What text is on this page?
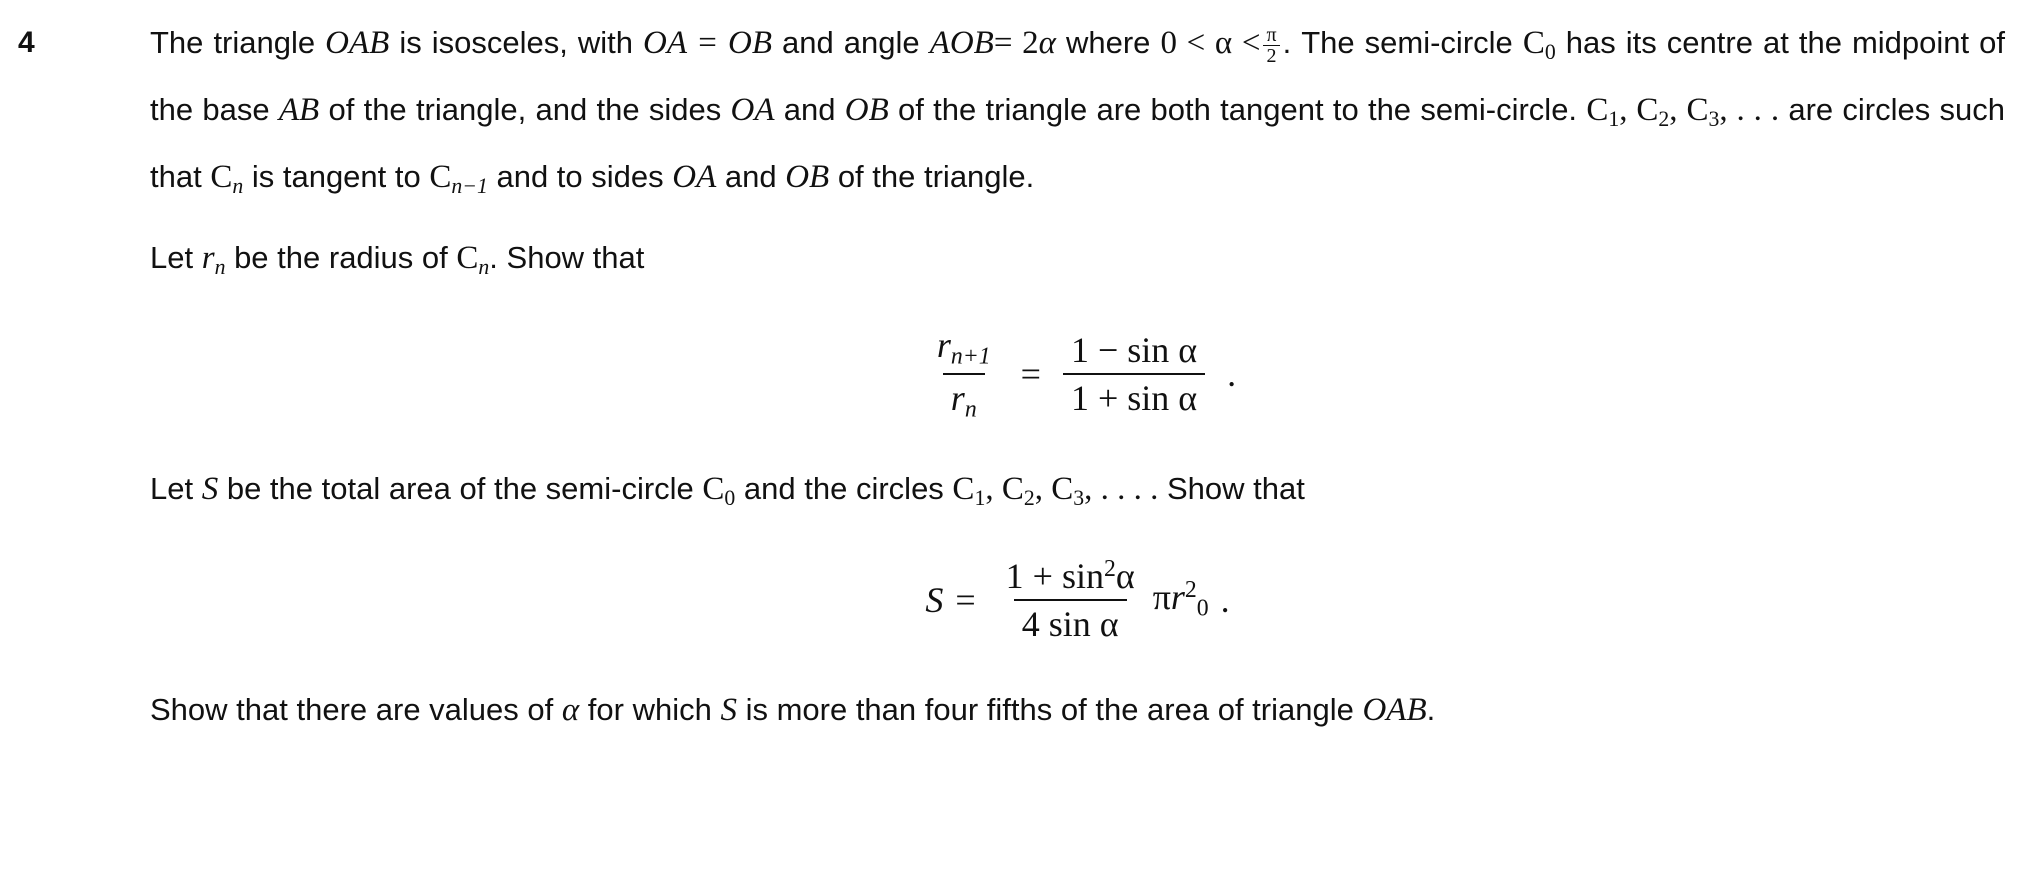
4	The triangle OAB is isosceles, with OA = OB and angle AOB= 2α where $0 < \alpha < \frac{\pi}{2}$ . The semi-circle $C_0$ has its centre at the midpoint of the base AB of the triangle, and the sides OA and OB of the triangle are both tangent to the semi-circle. $C_1$, $C_2$, $C_3$, . . . are circles such that $C_n$ is tangent to $C_{n-1}$ and to sides OA and OB of the triangle.
Let $r_n$ be the radius of $C_n$. Show that
$\frac{r_{n+1}}{r_n} = \frac{\text{1 − sin α}}{\text{1 + sin α}}$ .
Let S be the total area of the semi-circle $C_0$ and the circles $C_1$, $C_2$, $C_3$, . . . . Show that
$S = \frac{1 + \sin^2\alpha}{\text{4 sin α}} \pi r^2_0$ .
Show that there are values of α for which S is more than four fifths of the area of triangle OAB.
